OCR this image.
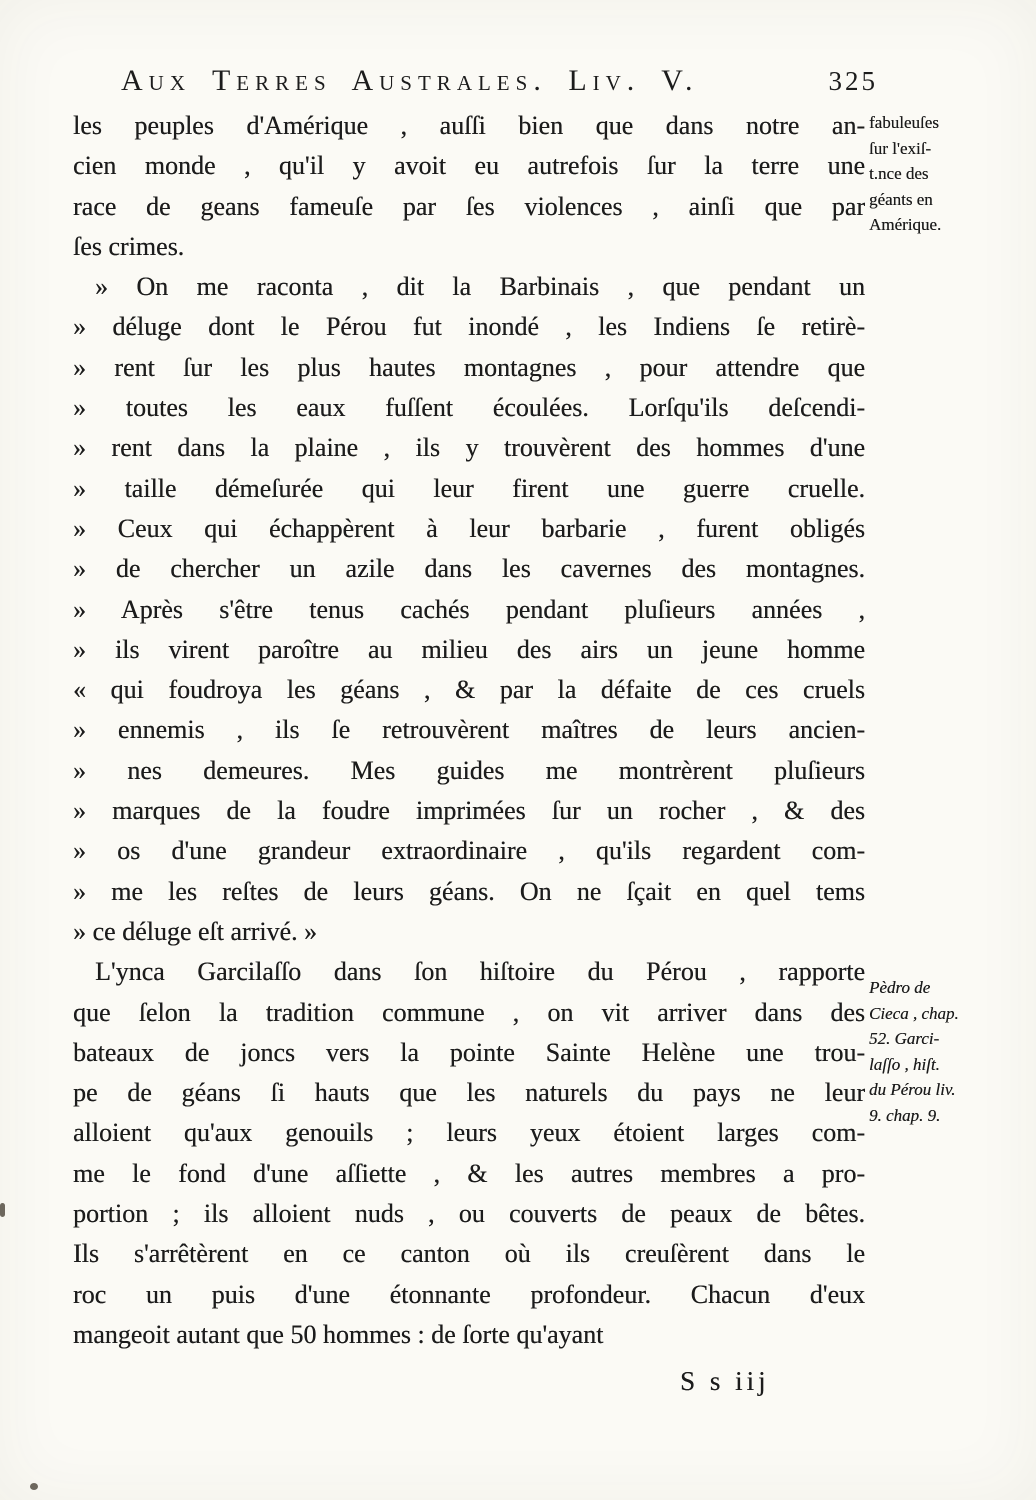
Aux Terres Australes. Liv. V.	325
les peuples d'Amérique , auſſi bien que dans notre an-
cien monde , qu'il y avoit eu autrefois ſur la terre une
race de geans fameuſe par ſes violences , ainſi que par
ſes crimes.
» On me raconta , dit la Barbinais , que pendant un
» déluge dont le Pérou fut inondé , les Indiens ſe retirè-
» rent ſur les plus hautes montagnes , pour attendre que
» toutes les eaux fuſſent écoulées. Lorſqu'ils deſcendi-
» rent dans la plaine , ils y trouvèrent des hommes d'une
» taille démeſurée qui leur firent une guerre cruelle.
» Ceux qui échappèrent à leur barbarie , furent obligés
» de chercher un azile dans les cavernes des montagnes.
» Après s'être tenus cachés pendant pluſieurs années ,
» ils virent paroître au milieu des airs un jeune homme
« qui foudroya les géans , & par la défaite de ces cruels
» ennemis , ils ſe retrouvèrent maîtres de leurs ancien-
» nes demeures. Mes guides me montrèrent pluſieurs
» marques de la foudre imprimées ſur un rocher , & des
» os d'une grandeur extraordinaire , qu'ils regardent com-
» me les reſtes de leurs géans. On ne ſçait en quel tems
» ce déluge eſt arrivé. »
L'ynca Garcilaſſo dans ſon hiſtoire du Pérou , rapporte
que ſelon la tradition commune , on vit arriver dans des
bateaux de joncs vers la pointe Sainte Helène une trou-
pe de géans ſi hauts que les naturels du pays ne leur
alloient qu'aux genouils ; leurs yeux étoient larges com-
me le fond d'une aſſiette , & les autres membres a pro-
portion ; ils alloient nuds , ou couverts de peaux de bêtes.
Ils s'arrêtèrent en ce canton où ils creuſèrent dans le
roc un puis d'une étonnante profondeur. Chacun d'eux
mangeoit autant que 50 hommes : de ſorte qu'ayant
fabuleuſes
ſur l'exiſ-
t.nce des
géants en
Amérique.
Pèdro de
Cieca , chap.
52. Garci-
laſſo , hiſt.
du Pérou liv.
9. chap. 9.
S s iij
